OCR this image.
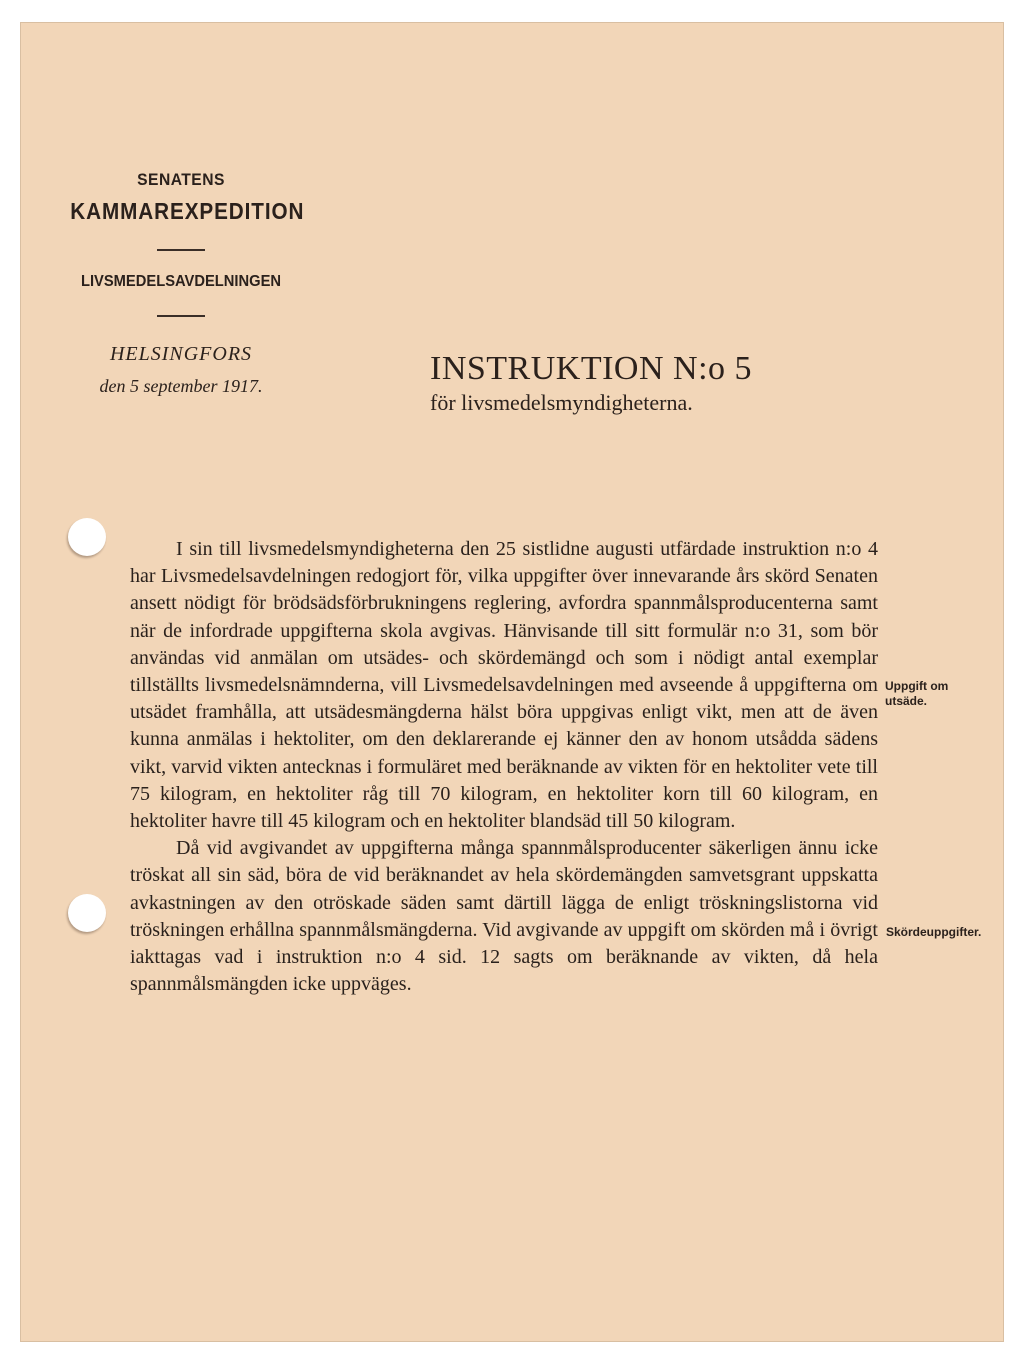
SENATENS
KAMMAREXPEDITION
LIVSMEDELSAVDELNINGEN
HELSINGFORS
den 5 september 1917.	INSTRUKTION N:o 5
för livsmedelsmyndigheterna.

I sin till livsmedelsmyndigheterna den 25 sistlidne augusti utfärdade instruktion n:o 4 har Livsmedelsavdelningen redogjort för, vilka uppgifter över innevarande års skörd Senaten ansett nödigt för brödsädsförbrukningens reglering, avfordra spannmålsproducenterna samt när de infordrade uppgifterna skola avgivas. Hänvisande till sitt formulär n:o 31, som bör användas vid anmälan om utsädes- och skördemängd och som i nödigt antal exemplar tillställts livsmedelsnämnderna, vill Livsmedelsavdelningen med avseende å uppgifterna om utsädet framhålla, att utsädesmängderna hälst böra uppgivas enligt vikt, men att de även kunna anmälas i hektoliter, om den deklarerande ej känner den av honom utsådda sädens vikt, varvid vikten antecknas i formuläret med beräknande av vikten för en hektoliter vete till 75 kilogram, en hektoliter råg till 70 kilogram, en hektoliter korn till 60 kilogram, en hektoliter havre till 45 kilogram och en hektoliter blandsäd till 50 kilogram.

Då vid avgivandet av uppgifterna många spannmålsproducenter säkerligen ännu icke tröskat all sin säd, böra de vid beräknandet av hela skördemängden samvetsgrant uppskatta avkastningen av den otröskade säden samt därtill lägga de enligt tröskningslistorna vid tröskningen erhållna spannmålsmängderna. Vid avgivande av uppgift om skörden må i övrigt iakttagas vad i instruktion n:o 4 sid. 12 sagts om beräknande av vikten, då hela spannmålsmängden icke uppväges.

Uppgift om utsäde.
Skördeuppgifter.
